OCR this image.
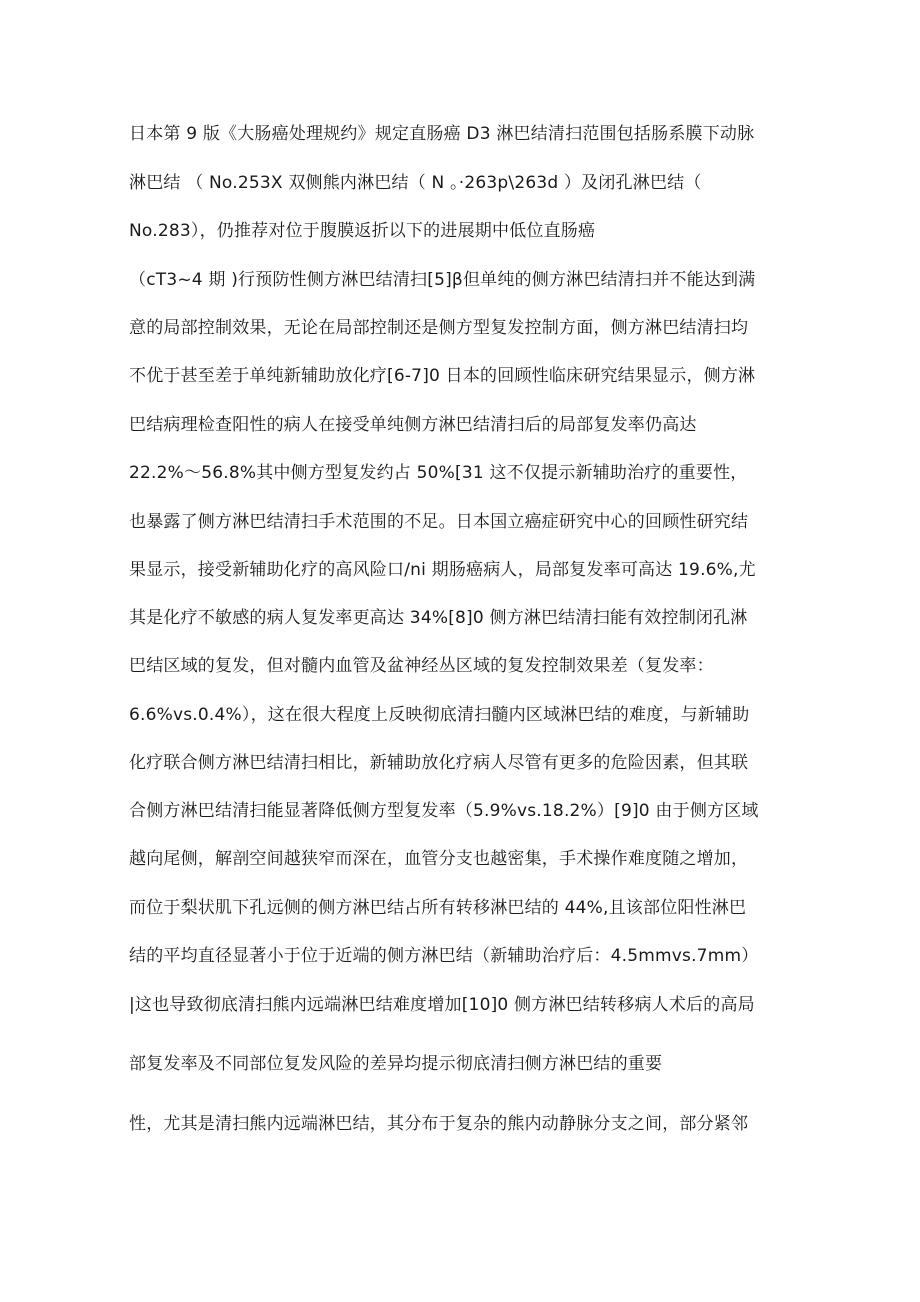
日本第 9 版《大肠癌处理规约》规定直肠癌 D3 淋巴结清扫范围包括肠系膜下动脉
淋巴结 （ No.253X 双侧熊内淋巴结（ N 。·263p\263d ）及闭孔淋巴结（
No.283），仍推荐对位于腹膜返折以下的进展期中低位直肠癌
（cT3~4 期 )行预防性侧方淋巴结清扫[5]β但单纯的侧方淋巴结清扫并不能达到满
意的局部控制效果，无论在局部控制还是侧方型复发控制方面，侧方淋巴结清扫均
不优于甚至差于单纯新辅助放化疗[6-7]0 日本的回顾性临床研究结果显示，侧方淋
巴结病理检查阳性的病人在接受单纯侧方淋巴结清扫后的局部复发率仍高达
22.2%～56.8%其中侧方型复发约占 50%[31 这不仅提示新辅助治疗的重要性，
也暴露了侧方淋巴结清扫手术范围的不足。日本国立癌症研究中心的回顾性研究结
果显示，接受新辅助化疗的高风险口/ni 期肠癌病人，局部复发率可高达 19.6%,尤
其是化疗不敏感的病人复发率更高达 34%[8]0 侧方淋巴结清扫能有效控制闭孔淋
巴结区域的复发，但对髓内血管及盆神经丛区域的复发控制效果差（复发率：
6.6%vs.0.4%），这在很大程度上反映彻底清扫髓内区域淋巴结的难度，与新辅助
化疗联合侧方淋巴结清扫相比，新辅助放化疗病人尽管有更多的危险因素，但其联
合侧方淋巴结清扫能显著降低侧方型复发率（5.9%vs.18.2%）[9]0 由于侧方区域
越向尾侧，解剖空间越狭窄而深在，血管分支也越密集，手术操作难度随之增加，
而位于梨状肌下孔远侧的侧方淋巴结占所有转移淋巴结的 44%,且该部位阳性淋巴
结的平均直径显著小于位于近端的侧方淋巴结（新辅助治疗后：4.5mmvs.7mm）
|这也导致彻底清扫熊内远端淋巴结难度增加[10]0 侧方淋巴结转移病人术后的高局
部复发率及不同部位复发风险的差异均提示彻底清扫侧方淋巴结的重要
性，尤其是清扫熊内远端淋巴结，其分布于复杂的熊内动静脉分支之间，部分紧邻
